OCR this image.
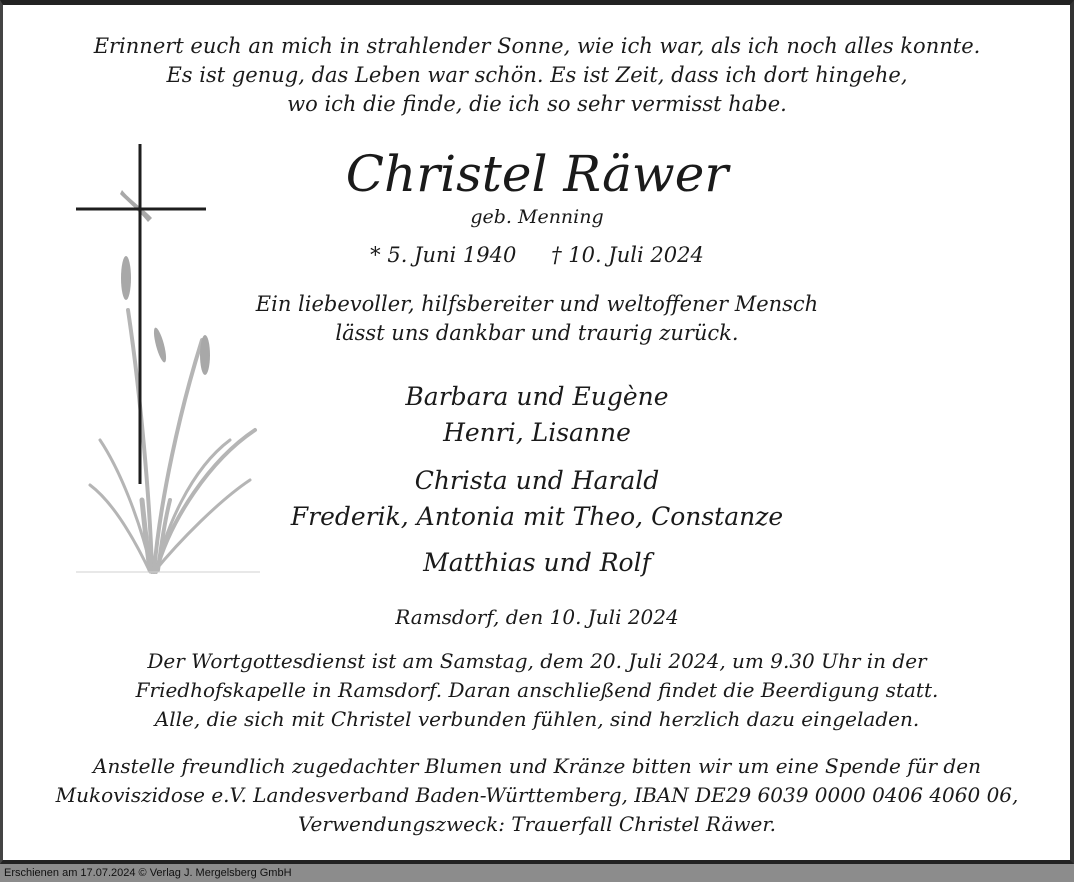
Erinnert euch an mich in strahlender Sonne, wie ich war, als ich noch alles konnte.
Es ist genug, das Leben war schön. Es ist Zeit, dass ich dort hingehe,
wo ich die finde, die ich so sehr vermisst habe.
Christel Räwer
geb. Menning
* 5. Juni 1940 † 10. Juli 2024
Ein liebevoller, hilfsbereiter und weltoffener Mensch
lässt uns dankbar und traurig zurück.
Barbara und Eugène
Henri, Lisanne
Christa und Harald
Frederik, Antonia mit Theo, Constanze
Matthias und Rolf
Ramsdorf, den 10. Juli 2024
Der Wortgottesdienst ist am Samstag, dem 20. Juli 2024, um 9.30 Uhr in der
Friedhofskapelle in Ramsdorf. Daran anschließend findet die Beerdigung statt.
Alle, die sich mit Christel verbunden fühlen, sind herzlich dazu eingeladen.
Anstelle freundlich zugedachter Blumen und Kränze bitten wir um eine Spende für den
Mukoviszidose e.V. Landesverband Baden-Württemberg, IBAN DE29 6039 0000 0406 4060 06,
Verwendungszweck: Trauerfall Christel Räwer.
Erschienen am 17.07.2024 © Verlag J. Mergelsberg GmbH
